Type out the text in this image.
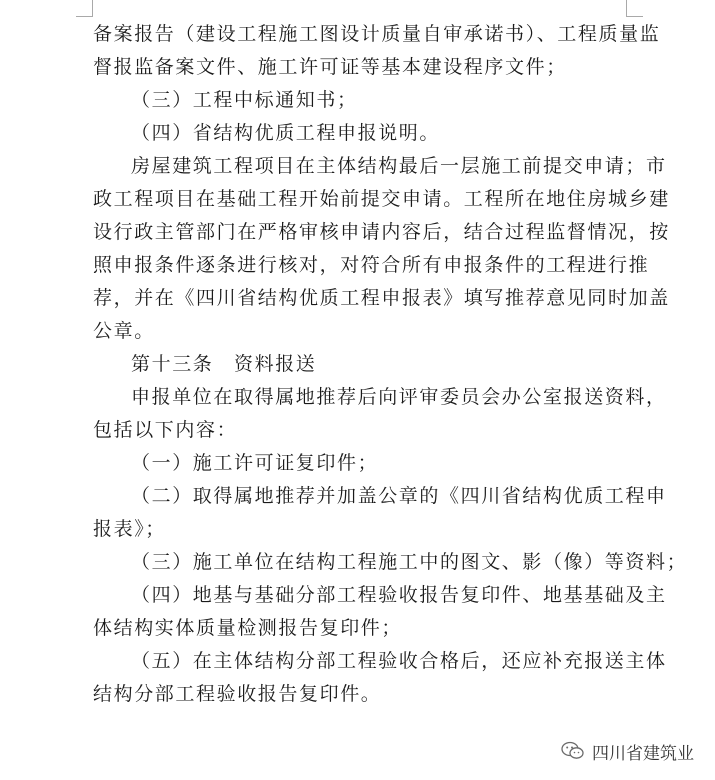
备案报告（建设工程施工图设计质量自审承诺书）、工程质量监
督报监备案文件、施工许可证等基本建设程序文件；
（三）工程中标通知书；
（四）省结构优质工程申报说明。
房屋建筑工程项目在主体结构最后一层施工前提交申请；市
政工程项目在基础工程开始前提交申请。工程所在地住房城乡建
设行政主管部门在严格审核申请内容后，结合过程监督情况，按
照申报条件逐条进行核对，对符合所有申报条件的工程进行推
荐，并在《四川省结构优质工程申报表》填写推荐意见同时加盖
公章。
第十三条　资料报送
申报单位在取得属地推荐后向评审委员会办公室报送资料，
包括以下内容：
（一）施工许可证复印件；
（二）取得属地推荐并加盖公章的《四川省结构优质工程申
报表》；
（三）施工单位在结构工程施工中的图文、影（像）等资料；
（四）地基与基础分部工程验收报告复印件、地基基础及主
体结构实体质量检测报告复印件；
（五）在主体结构分部工程验收合格后，还应补充报送主体
结构分部工程验收报告复印件。
四川省建筑业
